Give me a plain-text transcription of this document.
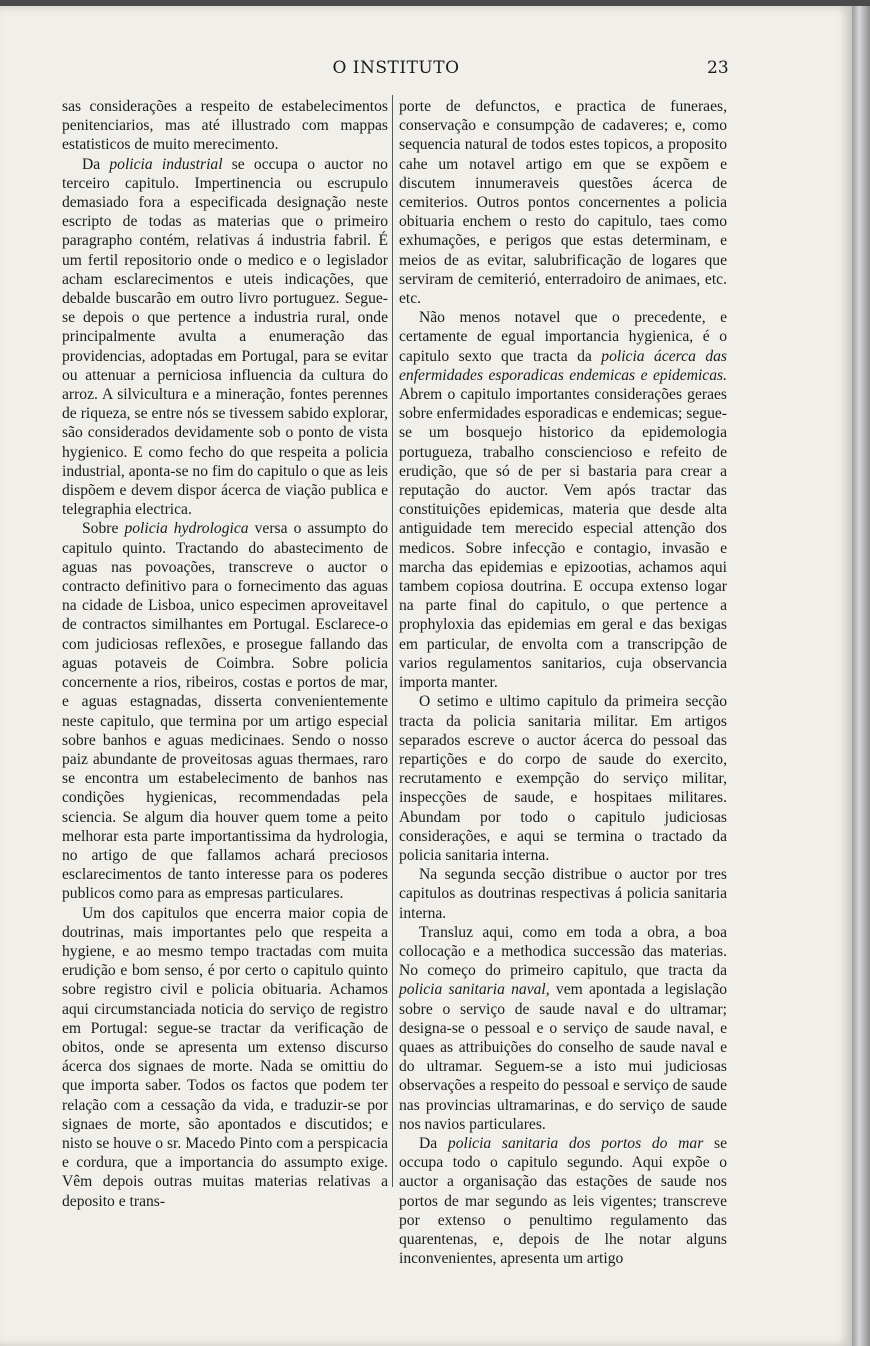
O INSTITUTO	23

sas considerações a respeito de estabelecimentos penitenciarios, mas até illustrado com mappas estatisticos de muito merecimento.

Da policia industrial se occupa o auctor no terceiro capitulo. Impertinencia ou escrupulo demasiado fora a especificada designação neste escripto de todas as materias que o primeiro paragrapho contém, relativas á industria fabril. É um fertil repositorio onde o medico e o legislador acham esclarecimentos e uteis indicações, que debalde buscarão em outro livro portuguez. Segue-se depois o que pertence a industria rural, onde principalmente avulta a enumeração das providencias, adoptadas em Portugal, para se evitar ou attenuar a perniciosa influencia da cultura do arroz. A silvicultura e a mineração, fontes perennes de riqueza, se entre nós se tivessem sabido explorar, são considerados devidamente sob o ponto de vista hygienico. E como fecho do que respeita a policia industrial, aponta-se no fim do capitulo o que as leis dispõem e devem dispor ácerca de viação publica e telegraphia electrica.

Sobre policia hydrologica versa o assumpto do capitulo quinto. Tractando do abastecimento de aguas nas povoações, transcreve o auctor o contracto definitivo para o fornecimento das aguas na cidade de Lisboa, unico especimen aproveitavel de contractos similhantes em Portugal. Esclarece-o com judiciosas reflexões, e prosegue fallando das aguas potaveis de Coimbra. Sobre policia concernente a rios, ribeiros, costas e portos de mar, e aguas estagnadas, disserta convenientemente neste capitulo, que termina por um artigo especial sobre banhos e aguas medicinaes. Sendo o nosso paiz abundante de proveitosas aguas thermaes, raro se encontra um estabelecimento de banhos nas condições hygienicas, recommendadas pela sciencia. Se algum dia houver quem tome a peito melhorar esta parte importantissima da hydrologia, no artigo de que fallamos achará preciosos esclarecimentos de tanto interesse para os poderes publicos como para as empresas particulares.

Um dos capitulos que encerra maior copia de doutrinas, mais importantes pelo que respeita a hygiene, e ao mesmo tempo tractadas com muita erudição e bom senso, é por certo o capitulo quinto sobre registro civil e policia obituaria. Achamos aqui circumstanciada noticia do serviço de registro em Portugal: segue-se tractar da verificação de obitos, onde se apresenta um extenso discurso ácerca dos signaes de morte. Nada se omittiu do que importa saber. Todos os factos que podem ter relação com a cessação da vida, e traduzir-se por signaes de morte, são apontados e discutidos; e nisto se houve o sr. Macedo Pinto com a perspicacia e cordura, que a importancia do assumpto exige. Vêm depois outras muitas materias relativas a deposito e trans-

porte de defunctos, e practica de funeraes, conservação e consumpção de cadaveres; e, como sequencia natural de todos estes topicos, a proposito cahe um notavel artigo em que se expõem e discutem innumeraveis questões ácerca de cemiterios. Outros pontos concernentes a policia obituaria enchem o resto do capitulo, taes como exhumações, e perigos que estas determinam, e meios de as evitar, salubrificação de logares que serviram de cemiterió, enterradoiro de animaes, etc. etc.

Não menos notavel que o precedente, e certamente de egual importancia hygienica, é o capitulo sexto que tracta da policia ácerca das enfermidades esporadicas endemicas e epidemicas. Abrem o capitulo importantes considerações geraes sobre enfermidades esporadicas e endemicas; segue-se um bosquejo historico da epidemologia portugueza, trabalho consciencioso e refeito de erudição, que só de per si bastaria para crear a reputação do auctor. Vem após tractar das constituições epidemicas, materia que desde alta antiguidade tem merecido especial attenção dos medicos. Sobre infecção e contagio, invasão e marcha das epidemias e epizootias, achamos aqui tambem copiosa doutrina. E occupa extenso logar na parte final do capitulo, o que pertence a prophyloxia das epidemias em geral e das bexigas em particular, de envolta com a transcripção de varios regulamentos sanitarios, cuja observancia importa manter.

O setimo e ultimo capitulo da primeira secção tracta da policia sanitaria militar. Em artigos separados escreve o auctor ácerca do pessoal das repartições e do corpo de saude do exercito, recrutamento e exempção do serviço militar, inspecções de saude, e hospitaes militares. Abundam por todo o capitulo judiciosas considerações, e aqui se termina o tractado da policia sanitaria interna.

Na segunda secção distribue o auctor por tres capitulos as doutrinas respectivas á policia sanitaria interna.

Transluz aqui, como em toda a obra, a boa collocação e a methodica successão das materias. No começo do primeiro capitulo, que tracta da policia sanitaria naval, vem apontada a legislação sobre o serviço de saude naval e do ultramar; designa-se o pessoal e o serviço de saude naval, e quaes as attribuições do conselho de saude naval e do ultramar. Seguem-se a isto mui judiciosas observações a respeito do pessoal e serviço de saude nas provincias ultramarinas, e do serviço de saude nos navios particulares.

Da policia sanitaria dos portos do mar se occupa todo o capitulo segundo. Aqui expõe o auctor a organisação das estações de saude nos portos de mar segundo as leis vigentes; transcreve por extenso o penultimo regulamento das quarentenas, e, depois de lhe notar alguns inconvenientes, apresenta um artigo
